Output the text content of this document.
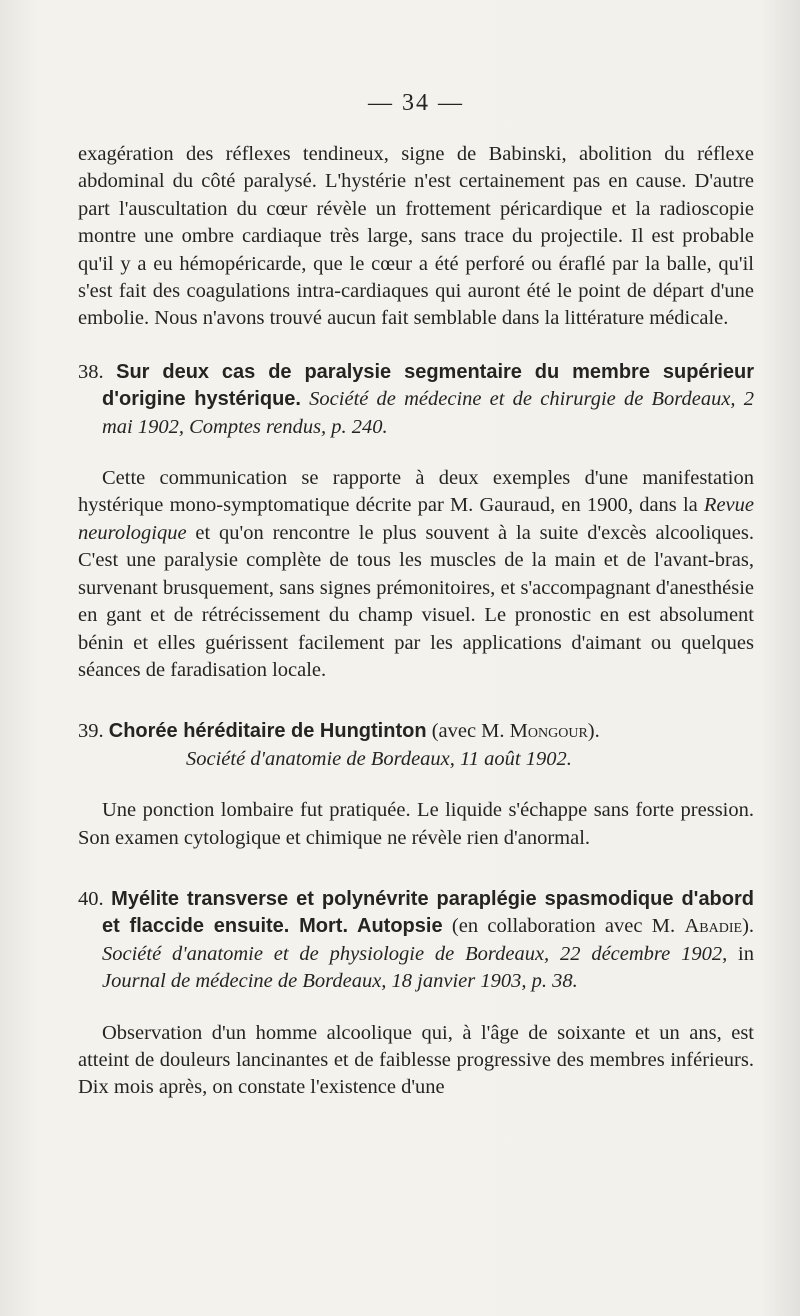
— 34 —

exagération des réflexes tendineux, signe de Babinski, abolition du réflexe abdominal du côté paralysé. L'hystérie n'est certainement pas en cause. D'autre part l'auscultation du cœur révèle un frottement péricardique et la radioscopie montre une ombre cardiaque très large, sans trace du projectile. Il est probable qu'il y a eu hémopéricarde, que le cœur a été perforé ou éraflé par la balle, qu'il s'est fait des coagulations intra-cardiaques qui auront été le point de départ d'une embolie. Nous n'avons trouvé aucun fait semblable dans la littérature médicale.

38. Sur deux cas de paralysie segmentaire du membre supérieur d'origine hystérique. Société de médecine et de chirurgie de Bordeaux, 2 mai 1902, Comptes rendus, p. 240.

Cette communication se rapporte à deux exemples d'une manifestation hystérique mono-symptomatique décrite par M. Gauraud, en 1900, dans la Revue neurologique et qu'on rencontre le plus souvent à la suite d'excès alcooliques. C'est une paralysie complète de tous les muscles de la main et de l'avant-bras, survenant brusquement, sans signes prémonitoires, et s'accompagnant d'anesthésie en gant et de rétrécissement du champ visuel. Le pronostic en est absolument bénin et elles guérissent facilement par les applications d'aimant ou quelques séances de faradisation locale.

39. Chorée héréditaire de Hungtinton (avec M. Mongour).
Société d'anatomie de Bordeaux, 11 août 1902.

Une ponction lombaire fut pratiquée. Le liquide s'échappe sans forte pression. Son examen cytologique et chimique ne révèle rien d'anormal.

40. Myélite transverse et polynévrite paraplégie spasmodique d'abord et flaccide ensuite. Mort. Autopsie (en collaboration avec M. Abadie). Société d'anatomie et de physiologie de Bordeaux, 22 décembre 1902, in Journal de médecine de Bordeaux, 18 janvier 1903, p. 38.

Observation d'un homme alcoolique qui, à l'âge de soixante et un ans, est atteint de douleurs lancinantes et de faiblesse progressive des membres inférieurs. Dix mois après, on constate l'existence d'une
